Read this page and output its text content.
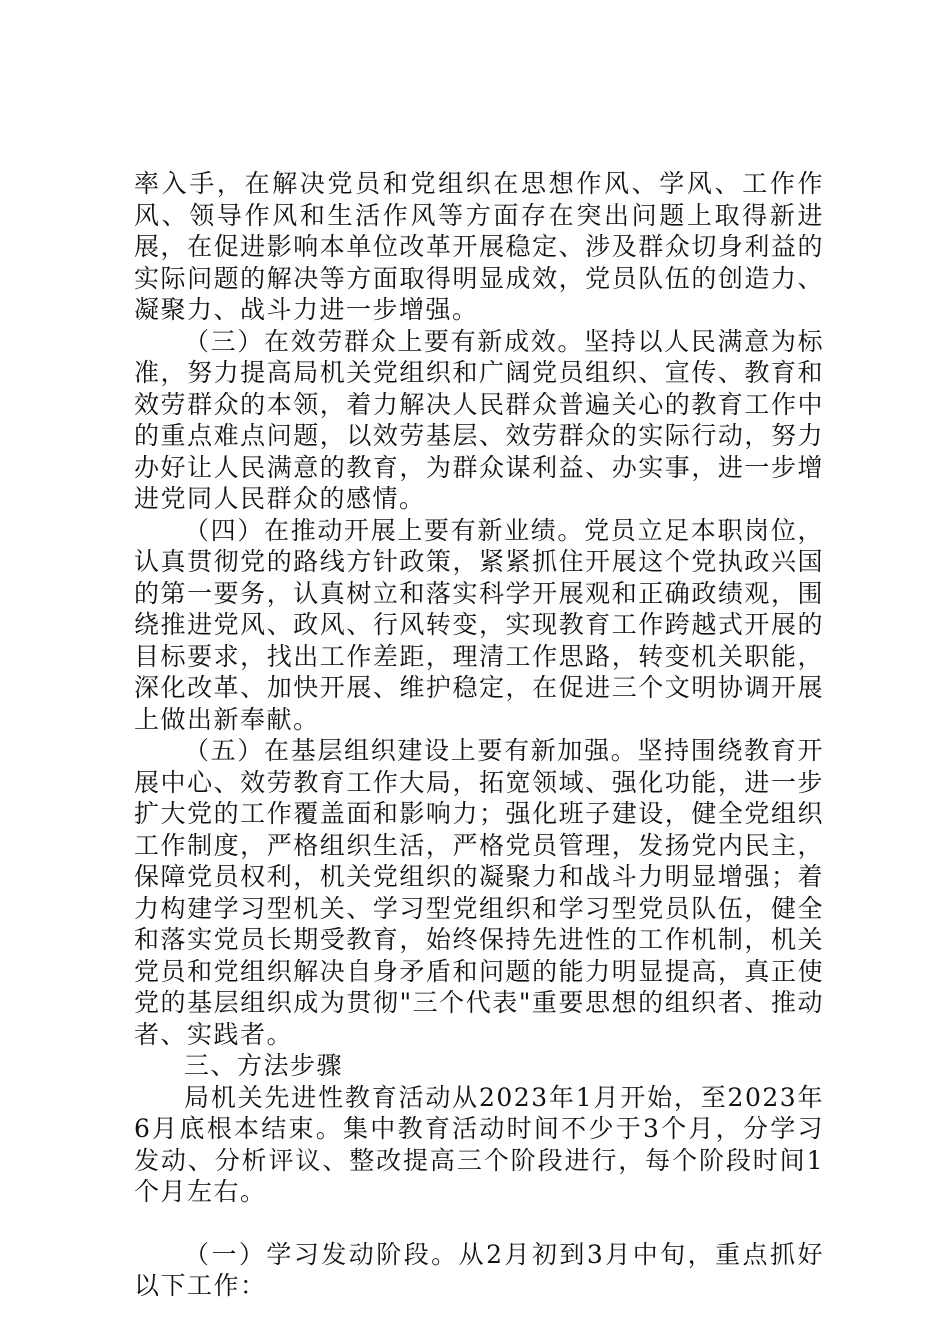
率入手，在解决党员和党组织在思想作风、学风、工作作风、领导作风和生活作风等方面存在突出问题上取得新进展，在促进影响本单位改革开展稳定、涉及群众切身利益的实际问题的解决等方面取得明显成效，党员队伍的创造力、凝聚力、战斗力进一步增强。

（三）在效劳群众上要有新成效。坚持以人民满意为标准，努力提高局机关党组织和广阔党员组织、宣传、教育和效劳群众的本领，着力解决人民群众普遍关心的教育工作中的重点难点问题，以效劳基层、效劳群众的实际行动，努力办好让人民满意的教育，为群众谋利益、办实事，进一步增进党同人民群众的感情。

（四）在推动开展上要有新业绩。党员立足本职岗位，认真贯彻党的路线方针政策，紧紧抓住开展这个党执政兴国的第一要务，认真树立和落实科学开展观和正确政绩观，围绕推进党风、政风、行风转变，实现教育工作跨越式开展的目标要求，找出工作差距，理清工作思路，转变机关职能，深化改革、加快开展、维护稳定，在促进三个文明协调开展上做出新奉献。

（五）在基层组织建设上要有新加强。坚持围绕教育开展中心、效劳教育工作大局，拓宽领域、强化功能，进一步扩大党的工作覆盖面和影响力；强化班子建设，健全党组织工作制度，严格组织生活，严格党员管理，发扬党内民主，保障党员权利，机关党组织的凝聚力和战斗力明显增强；着力构建学习型机关、学习型党组织和学习型党员队伍，健全和落实党员长期受教育，始终保持先进性的工作机制，机关党员和党组织解决自身矛盾和问题的能力明显提高，真正使党的基层组织成为贯彻"三个代表"重要思想的组织者、推动者、实践者。

三、方法步骤

局机关先进性教育活动从2023年1月开始，至2023年6月底根本结束。集中教育活动时间不少于3个月，分学习发动、分析评议、整改提高三个阶段进行，每个阶段时间1个月左右。

（一）学习发动阶段。从2月初到3月中旬，重点抓好以下工作：
